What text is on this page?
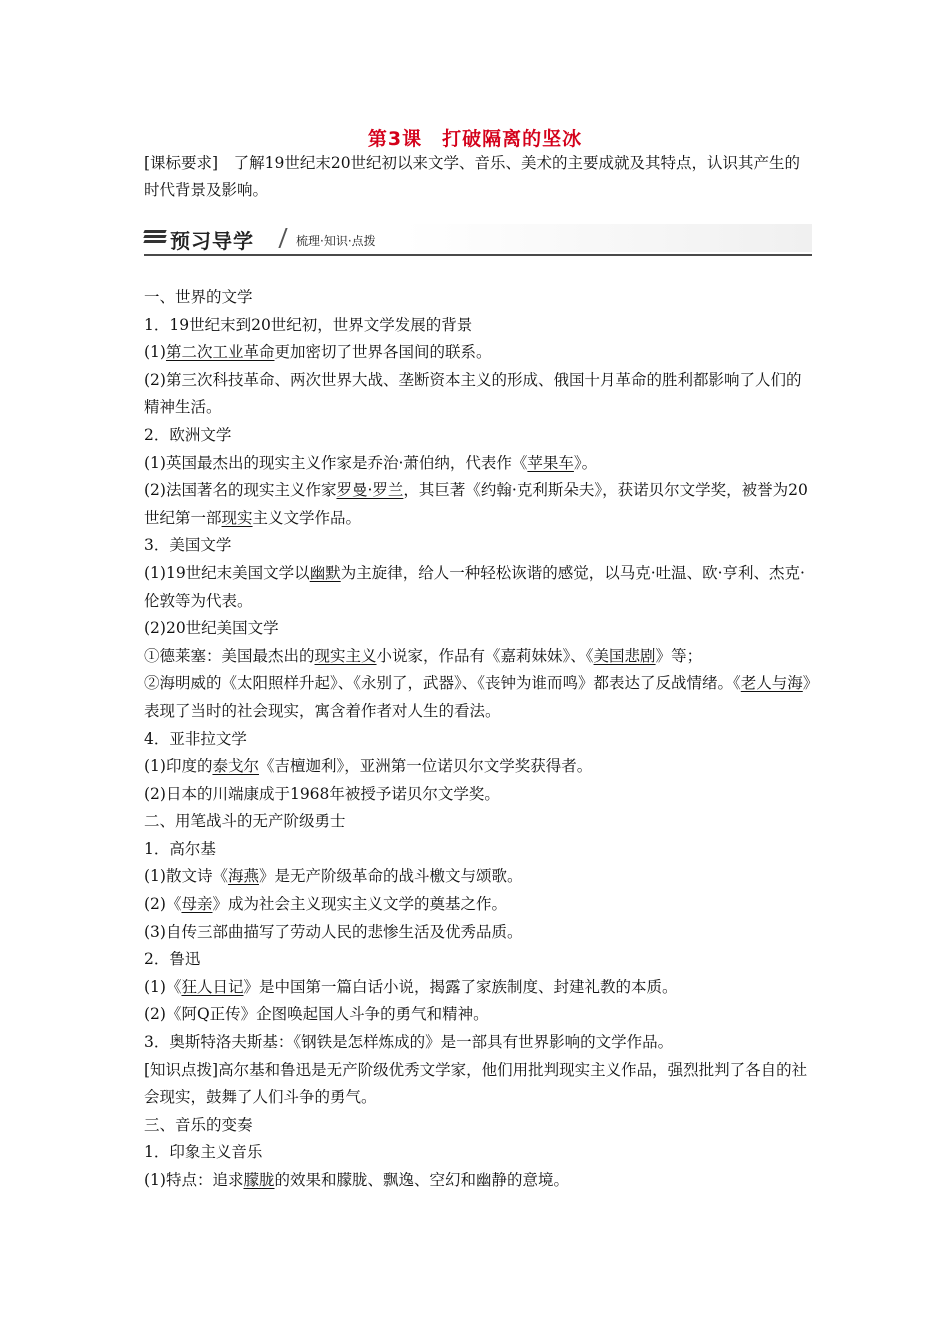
第3课　打破隔离的坚冰
[课标要求]　了解19世纪末20世纪初以来文学、音乐、美术的主要成就及其特点，认识其产生的时代背景及影响。
预习导学	梳理·知识·点拨

一、世界的文学

1．19世纪末到20世纪初，世界文学发展的背景

(1)第二次工业革命更加密切了世界各国间的联系。

(2)第三次科技革命、两次世界大战、垄断资本主义的形成、俄国十月革命的胜利都影响了人们的精神生活。

2．欧洲文学

(1)英国最杰出的现实主义作家是乔治·萧伯纳，代表作《苹果车》。

(2)法国著名的现实主义作家罗曼·罗兰，其巨著《约翰·克利斯朵夫》，获诺贝尔文学奖，被誉为20世纪第一部现实主义文学作品。

3．美国文学

(1)19世纪末美国文学以幽默为主旋律，给人一种轻松诙谐的感觉，以马克·吐温、欧·亨利、杰克·伦敦等为代表。

(2)20世纪美国文学

①德莱塞：美国最杰出的现实主义小说家，作品有《嘉莉妹妹》、《美国悲剧》等；

②海明威的《太阳照样升起》、《永别了，武器》、《丧钟为谁而鸣》都表达了反战情绪。《老人与海》表现了当时的社会现实，寓含着作者对人生的看法。

4．亚非拉文学

(1)印度的泰戈尔《吉檀迦利》，亚洲第一位诺贝尔文学奖获得者。

(2)日本的川端康成于1968年被授予诺贝尔文学奖。

二、用笔战斗的无产阶级勇士

1．高尔基

(1)散文诗《海燕》是无产阶级革命的战斗檄文与颂歌。

(2)《母亲》成为社会主义现实主义文学的奠基之作。

(3)自传三部曲描写了劳动人民的悲惨生活及优秀品质。

2．鲁迅

(1)《狂人日记》是中国第一篇白话小说，揭露了家族制度、封建礼教的本质。

(2)《阿Q正传》企图唤起国人斗争的勇气和精神。

3．奥斯特洛夫斯基：《钢铁是怎样炼成的》是一部具有世界影响的文学作品。

[知识点拨]高尔基和鲁迅是无产阶级优秀文学家，他们用批判现实主义作品，强烈批判了各自的社会现实，鼓舞了人们斗争的勇气。

三、音乐的变奏

1．印象主义音乐

(1)特点：追求朦胧的效果和朦胧、飘逸、空幻和幽静的意境。
